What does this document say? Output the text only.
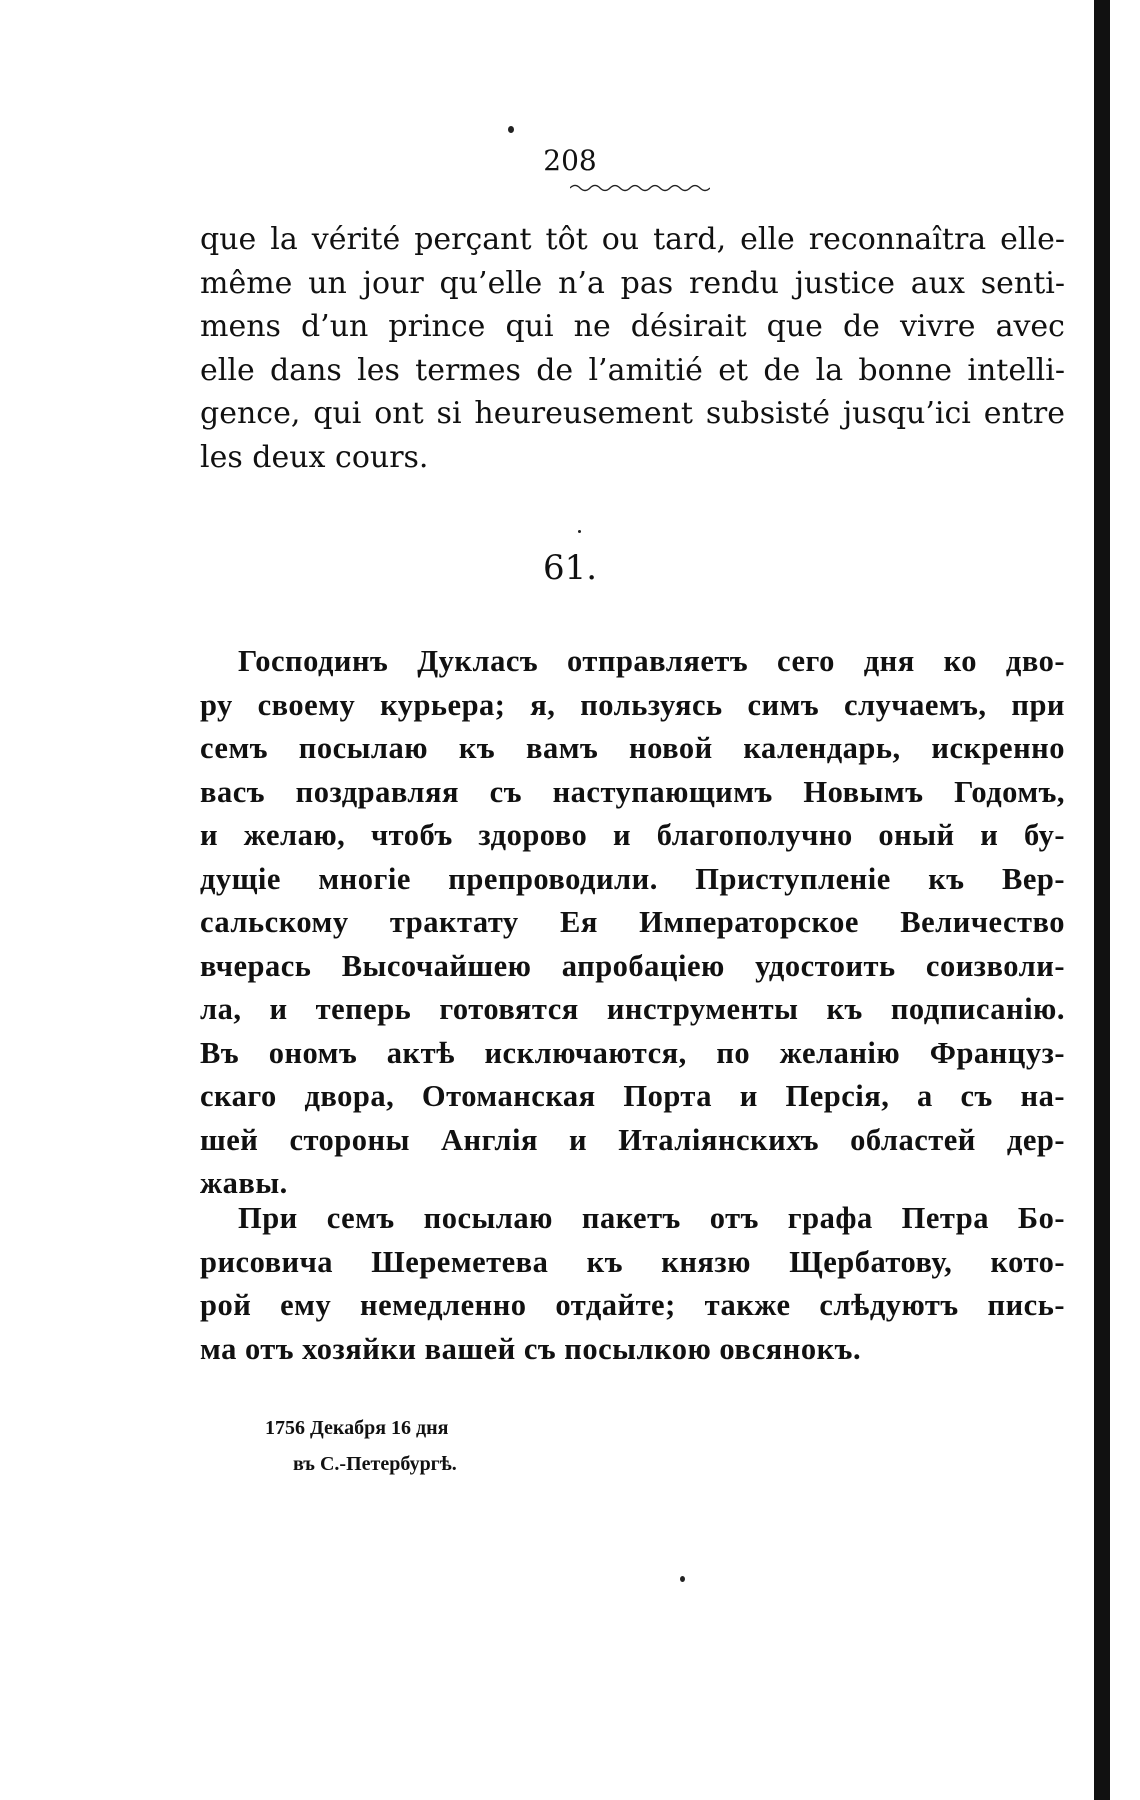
208
que la vérité perçant tôt ou tard, elle reconnaîtra elle-
même un jour qu’elle n’a pas rendu justice aux senti-
mens d’un prince qui ne désirait que de vivre avec
elle dans les termes de l’amitié et de la bonne intelli-
gence, qui ont si heureusement subsisté jusqu’ici entre
les deux cours.
61.
Господинъ Дукласъ отправляетъ сего дня ко дво-
ру своему курьера; я, пользуясь симъ случаемъ, при
семъ посылаю къ вамъ новой календарь, искренно
васъ поздравляя съ наступающимъ Новымъ Годомъ,
и желаю, чтобъ здорово и благополучно оный и бу-
дущіе многіе препроводили. Приступленіе къ Вер-
сальскому трактату Ея Императорское Величество
вчерась Высочайшею апробаціею удостоить соизволи-
ла, и теперь готовятся инструменты къ подписанію.
Въ ономъ актѣ исключаются, по желанію Француз-
скаго двора, Отоманская Порта и Персія, а съ на-
шей стороны Англія и Италіянскихъ областей дер-
жавы.
При семъ посылаю пакетъ отъ графа Петра Бо-
рисовича Шереметева къ князю Щербатову, кото-
рой ему немедленно отдайте; также слѣдуютъ пись-
ма отъ хозяйки вашей съ посылкою овсянокъ.
1756 Декабря 16 дня
въ С.-Петербургѣ.
